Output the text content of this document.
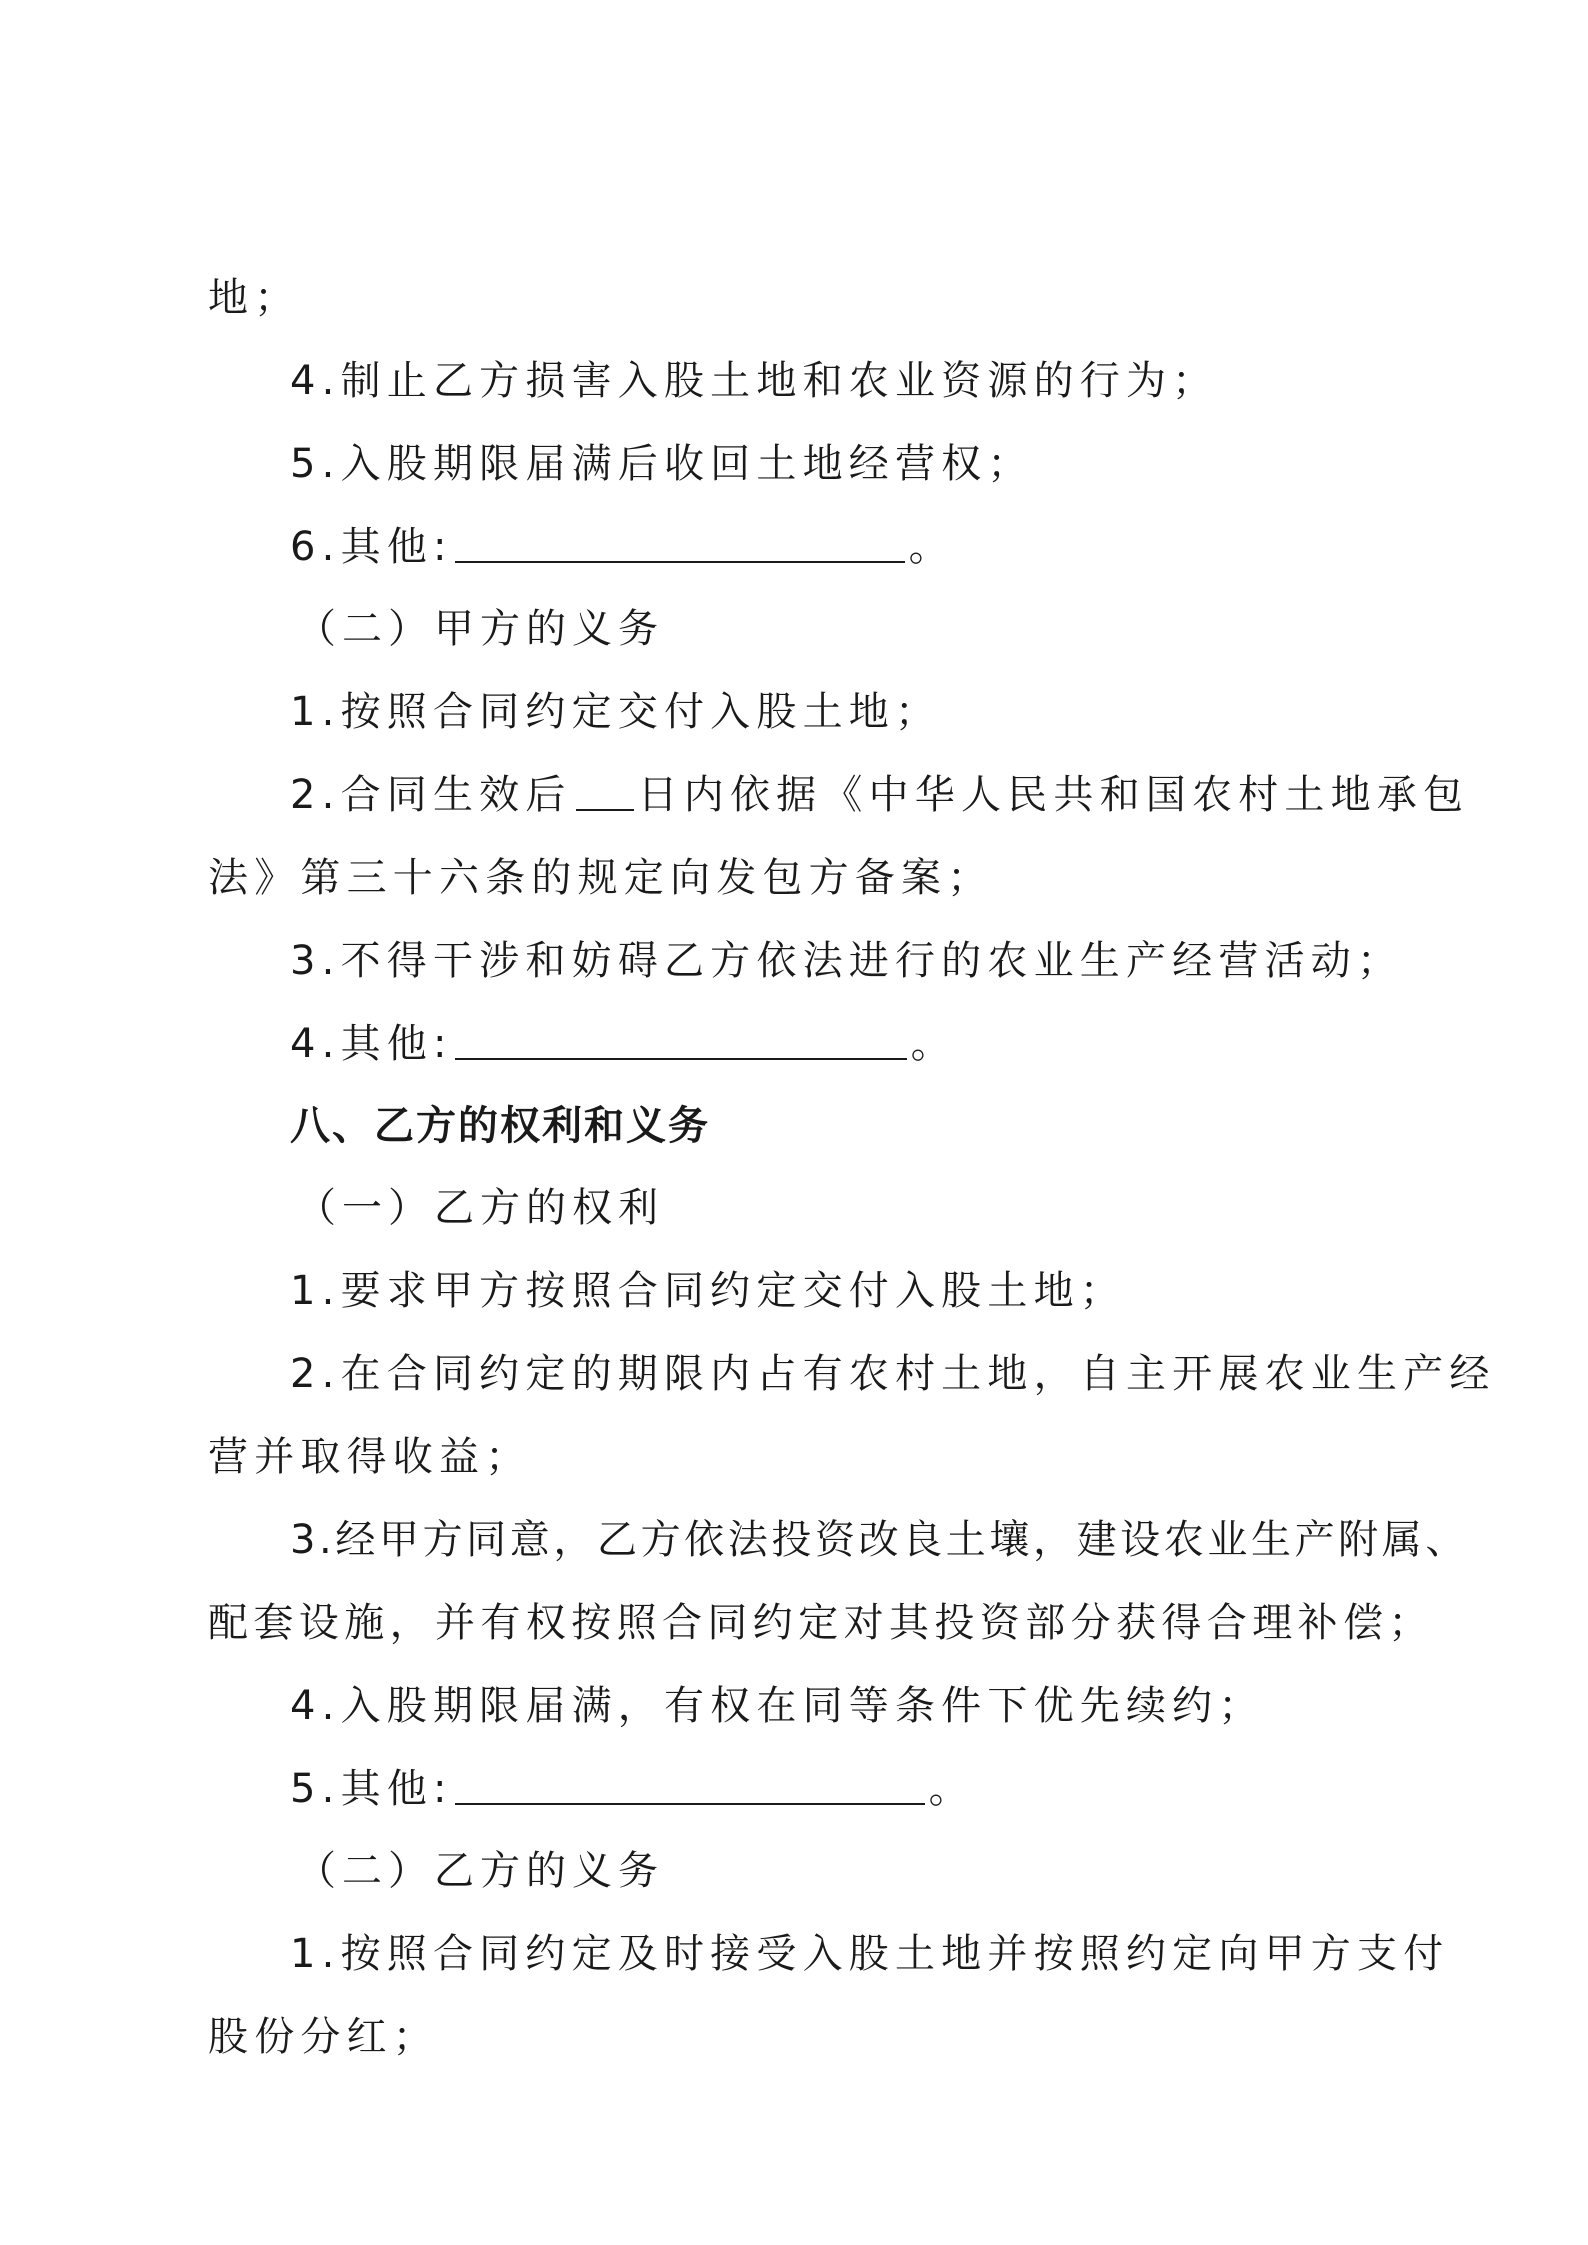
地；
4.制止乙方损害入股土地和农业资源的行为；
5.入股期限届满后收回土地经营权；
6.其他:	。
（二）甲方的义务
1.按照合同约定交付入股土地；
2.合同生效后 日内依据《中华人民共和国农村土地承包
法》第三十六条的规定向发包方备案；
3.不得干涉和妨碍乙方依法进行的农业生产经营活动；
4.其他:	。
八、乙方的权利和义务
（一）乙方的权利
1.要求甲方按照合同约定交付入股土地；
2.在合同约定的期限内占有农村土地，自主开展农业生产经
营并取得收益；
3.经甲方同意，乙方依法投资改良土壤，建设农业生产附属、
配套设施，并有权按照合同约定对其投资部分获得合理补偿；
4.入股期限届满，有权在同等条件下优先续约；
5.其他:	。
（二）乙方的义务
1.按照合同约定及时接受入股土地并按照约定向甲方支付
股份分红；
